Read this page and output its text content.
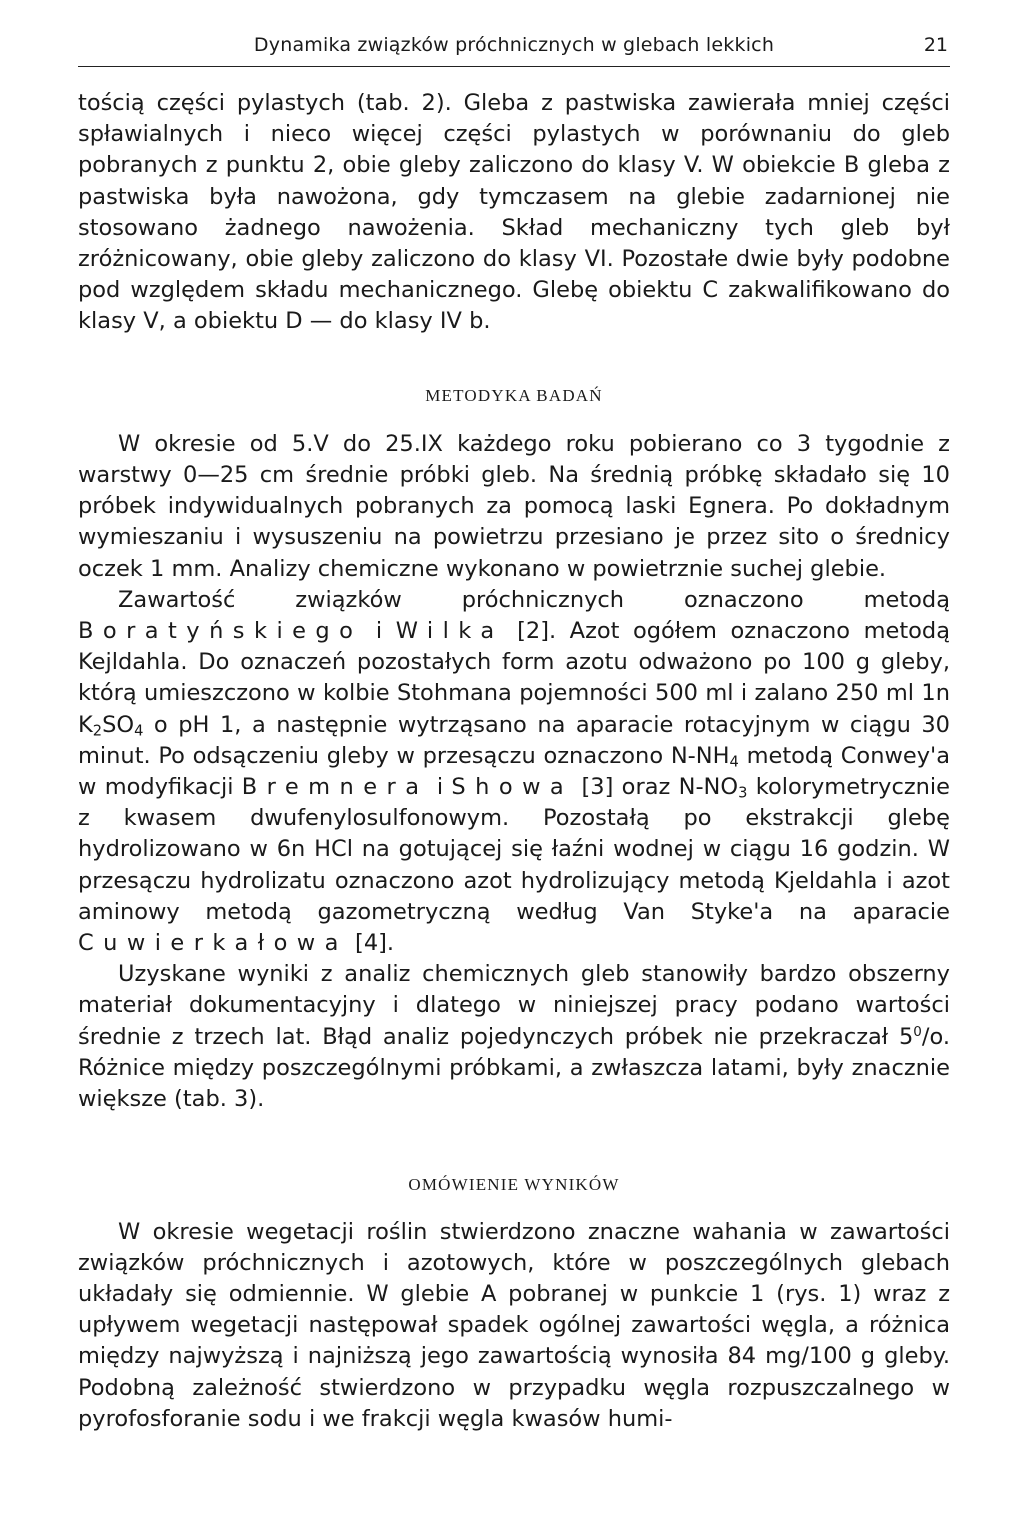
Dynamika związków próchnicznych w glebach lekkich	21

tością części pylastych (tab. 2). Gleba z pastwiska zawierała mniej części spławialnych i nieco więcej części pylastych w porównaniu do gleb pobranych z punktu 2, obie gleby zaliczono do klasy V. W obiekcie B gleba z pastwiska była nawożona, gdy tymczasem na glebie zadarnionej nie stosowano żadnego nawożenia. Skład mechaniczny tych gleb był zróżnicowany, obie gleby zaliczono do klasy VI. Pozostałe dwie były podobne pod względem składu mechanicznego. Glebę obiektu C zakwalifikowano do klasy V, a obiektu D — do klasy IV b.

METODYKA BADAŃ

W okresie od 5.V do 25.IX każdego roku pobierano co 3 tygodnie z warstwy 0—25 cm średnie próbki gleb. Na średnią próbkę składało się 10 próbek indywidualnych pobranych za pomocą laski Egnera. Po dokładnym wymieszaniu i wysuszeniu na powietrzu przesiano je przez sito o średnicy oczek 1 mm. Analizy chemiczne wykonano w powietrznie suchej glebie.

Zawartość związków próchnicznych oznaczono metodą Boratyńskiego i Wilka [2]. Azot ogółem oznaczono metodą Kejldahla. Do oznaczeń pozostałych form azotu odważono po 100 g gleby, którą umieszczono w kolbie Stohmana pojemności 500 ml i zalano 250 ml 1n $K_2SO_4$ o pH 1, a następnie wytrząsano na aparacie rotacyjnym w ciągu 30 minut. Po odsączeniu gleby w przesączu oznaczono $N-NH_4$ metodą Conwey'a w modyfikacji Bremnera i Showa [3] oraz $N-NO_3$ kolorymetrycznie z kwasem dwufenylosulfonowym. Pozostałą po ekstrakcji glebę hydrolizowano w 6n HCl na gotującej się łaźni wodnej w ciągu 16 godzin. W przesączu hydrolizatu oznaczono azot hydrolizujący metodą Kjeldahla i azot aminowy metodą gazometryczną według Van Styke'a na aparacie Cuwierkałowa [4].

Uzyskane wyniki z analiz chemicznych gleb stanowiły bardzo obszerny materiał dokumentacyjny i dlatego w niniejszej pracy podano wartości średnie z trzech lat. Błąd analiz pojedynczych próbek nie przekraczał $5^0/o$. Różnice między poszczególnymi próbkami, a zwłaszcza latami, były znacznie większe (tab. 3).

OMÓWIENIE WYNIKÓW

W okresie wegetacji roślin stwierdzono znaczne wahania w zawartości związków próchnicznych i azotowych, które w poszczególnych glebach układały się odmiennie. W glebie A pobranej w punkcie 1 (rys. 1) wraz z upływem wegetacji następował spadek ogólnej zawartości węgla, a różnica między najwyższą i najniższą jego zawartością wynosiła 84 mg/100 g gleby. Podobną zależność stwierdzono w przypadku węgla rozpuszczalnego w pyrofosforanie sodu i we frakcji węgla kwasów humi-
